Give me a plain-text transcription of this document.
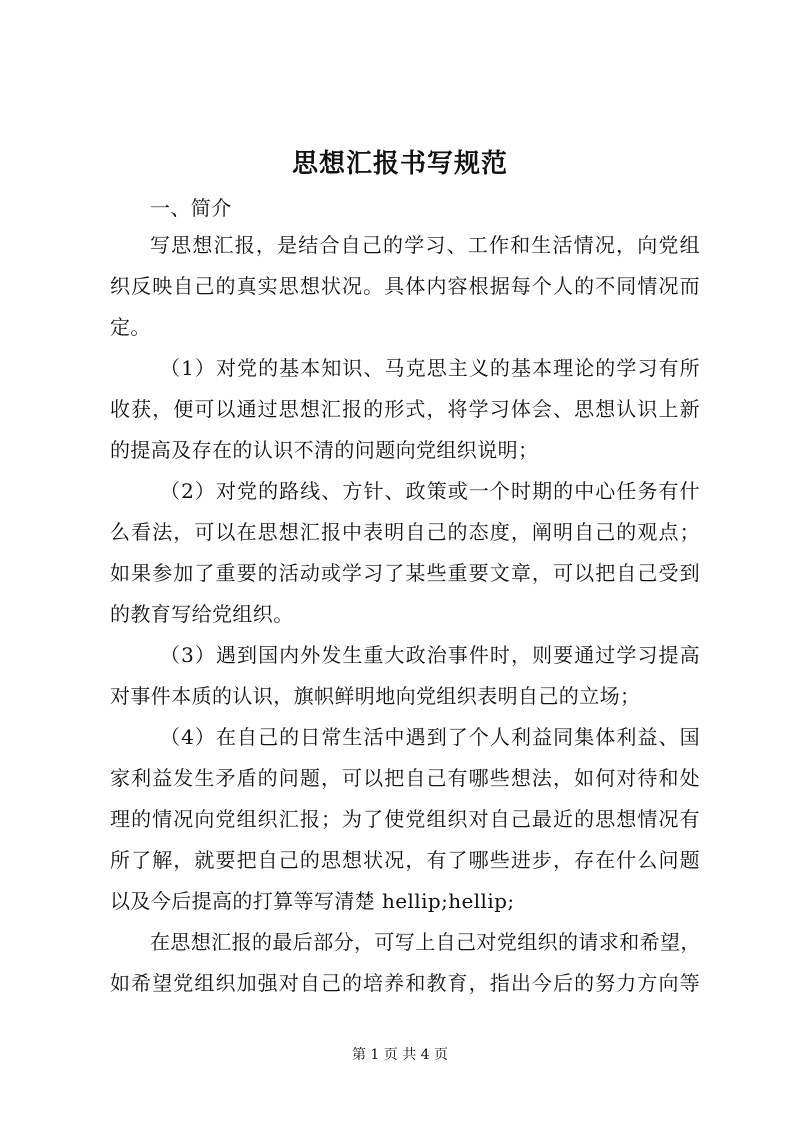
思想汇报书写规范
一、简介
写思想汇报，是结合自己的学习、工作和生活情况，向党组
织反映自己的真实思想状况。具体内容根据每个人的不同情况而
定。
（1）对党的基本知识、马克思主义的基本理论的学习有所
收获，便可以通过思想汇报的形式，将学习体会、思想认识上新
的提高及存在的认识不清的问题向党组织说明；
（2）对党的路线、方针、政策或一个时期的中心任务有什
么看法，可以在思想汇报中表明自己的态度，阐明自己的观点；
如果参加了重要的活动或学习了某些重要文章，可以把自己受到
的教育写给党组织。
（3）遇到国内外发生重大政治事件时，则要通过学习提高
对事件本质的认识，旗帜鲜明地向党组织表明自己的立场；
（4）在自己的日常生活中遇到了个人利益同集体利益、国
家利益发生矛盾的问题，可以把自己有哪些想法，如何对待和处
理的情况向党组织汇报；为了使党组织对自己最近的思想情况有
所了解，就要把自己的思想状况，有了哪些进步，存在什么问题
以及今后提高的打算等写清楚 hellip;hellip;
在思想汇报的最后部分，可写上自己对党组织的请求和希望，
如希望党组织加强对自己的培养和教育，指出今后的努力方向等
第 1 页 共 4 页
